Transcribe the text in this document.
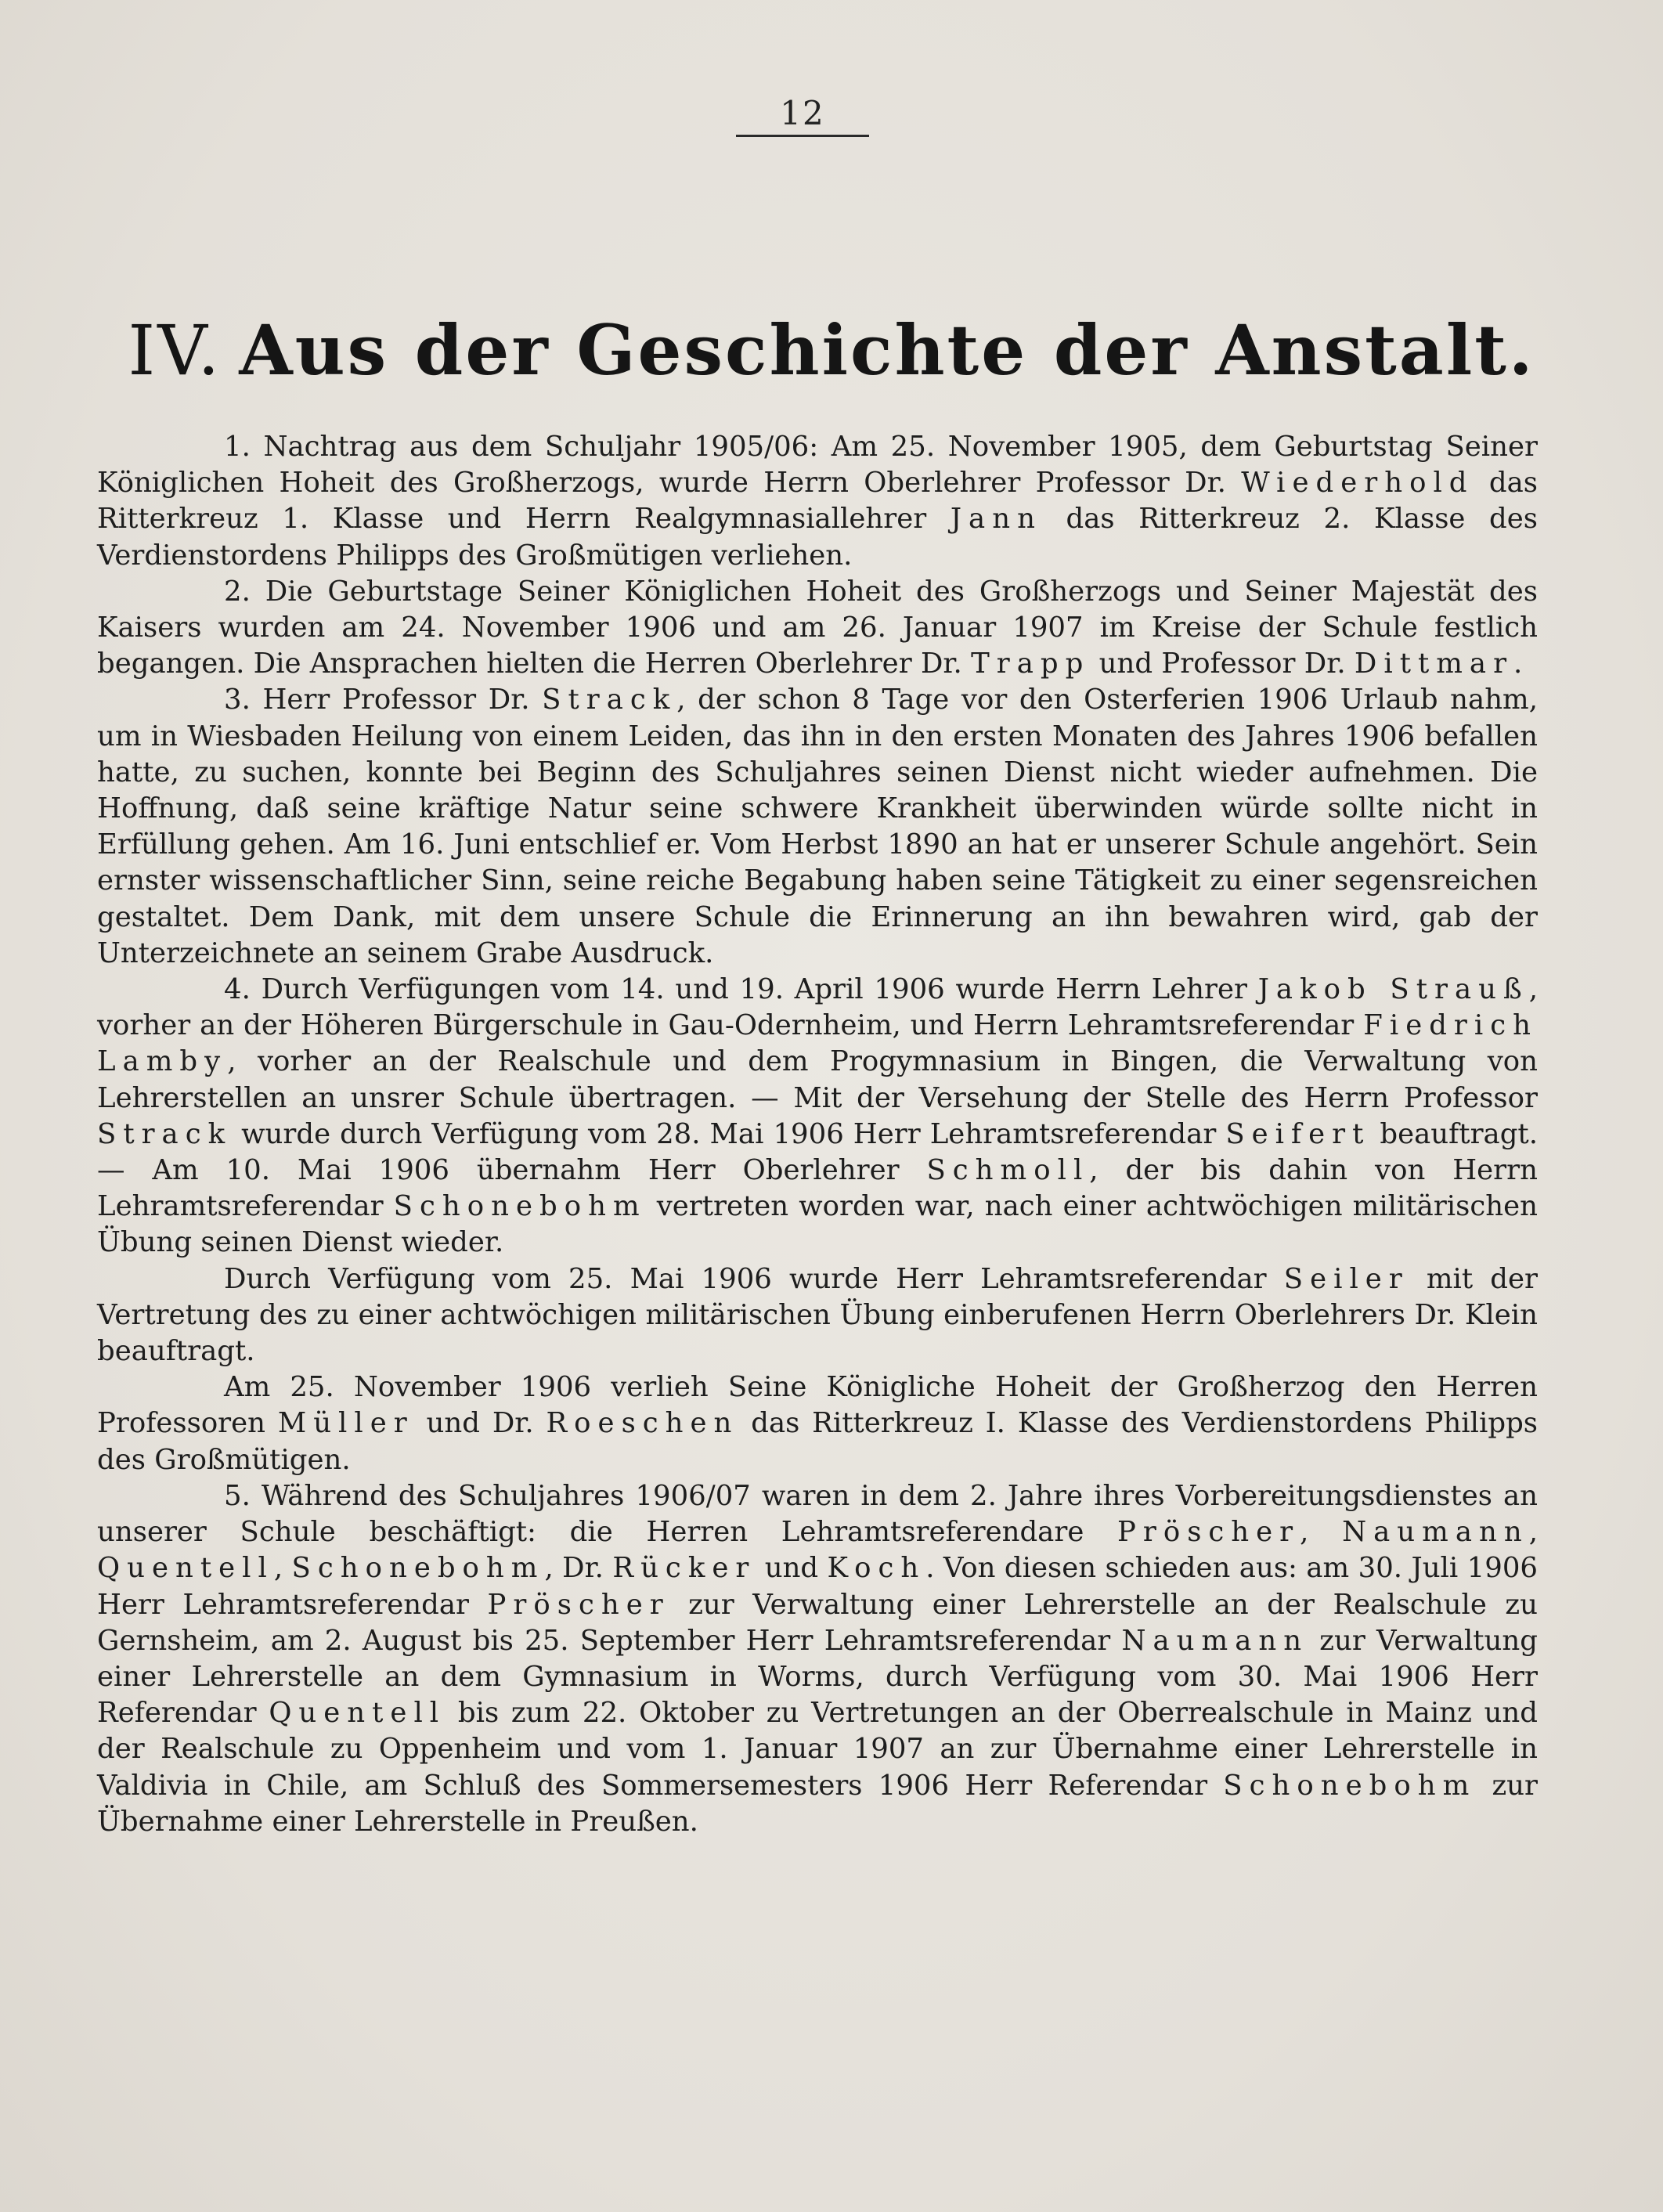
12
IV. Aus der Geschichte der Anstalt.

1. Nachtrag aus dem Schuljahr 1905/06: Am 25. November 1905, dem Geburtstag Seiner Königlichen Hoheit des Großherzogs, wurde Herrn Oberlehrer Professor Dr. Wiederhold das Ritterkreuz 1. Klasse und Herrn Realgymnasiallehrer Jann das Ritterkreuz 2. Klasse des Verdienstordens Philipps des Großmütigen verliehen.

2. Die Geburtstage Seiner Königlichen Hoheit des Großherzogs und Seiner Majestät des Kaisers wurden am 24. November 1906 und am 26. Januar 1907 im Kreise der Schule festlich begangen. Die Ansprachen hielten die Herren Oberlehrer Dr. Trapp und Professor Dr. Dittmar.

3. Herr Professor Dr. Strack, der schon 8 Tage vor den Osterferien 1906 Urlaub nahm, um in Wiesbaden Heilung von einem Leiden, das ihn in den ersten Monaten des Jahres 1906 befallen hatte, zu suchen, konnte bei Beginn des Schuljahres seinen Dienst nicht wieder aufnehmen. Die Hoffnung, daß seine kräftige Natur seine schwere Krankheit überwinden würde sollte nicht in Erfüllung gehen. Am 16. Juni entschlief er. Vom Herbst 1890 an hat er unserer Schule angehört. Sein ernster wissenschaftlicher Sinn, seine reiche Begabung haben seine Tätigkeit zu einer segensreichen gestaltet. Dem Dank, mit dem unsere Schule die Erinnerung an ihn bewahren wird, gab der Unterzeichnete an seinem Grabe Ausdruck.

4. Durch Verfügungen vom 14. und 19. April 1906 wurde Herrn Lehrer Jakob Strauß, vorher an der Höheren Bürgerschule in Gau-Odernheim, und Herrn Lehramtsreferendar Fiedrich Lamby, vorher an der Realschule und dem Progymnasium in Bingen, die Verwaltung von Lehrerstellen an unsrer Schule übertragen. — Mit der Versehung der Stelle des Herrn Professor Strack wurde durch Verfügung vom 28. Mai 1906 Herr Lehramtsreferendar Seifert beauftragt. — Am 10. Mai 1906 übernahm Herr Oberlehrer Schmoll, der bis dahin von Herrn Lehramtsreferendar Schonebohm vertreten worden war, nach einer achtwöchigen militärischen Übung seinen Dienst wieder.

Durch Verfügung vom 25. Mai 1906 wurde Herr Lehramtsreferendar Seiler mit der Vertretung des zu einer achtwöchigen militärischen Übung einberufenen Herrn Oberlehrers Dr. Klein beauftragt.

Am 25. November 1906 verlieh Seine Königliche Hoheit der Großherzog den Herren Professoren Müller und Dr. Roeschen das Ritterkreuz I. Klasse des Verdienstordens Philipps des Großmütigen.

5. Während des Schuljahres 1906/07 waren in dem 2. Jahre ihres Vorbereitungsdienstes an unserer Schule beschäftigt: die Herren Lehramtsreferendare Pröscher, Naumann, Quentell, Schonebohm, Dr. Rücker und Koch. Von diesen schieden aus: am 30. Juli 1906 Herr Lehramtsreferendar Pröscher zur Verwaltung einer Lehrerstelle an der Realschule zu Gernsheim, am 2. August bis 25. September Herr Lehramtsreferendar Naumann zur Verwaltung einer Lehrerstelle an dem Gymnasium in Worms, durch Verfügung vom 30. Mai 1906 Herr Referendar Quentell bis zum 22. Oktober zu Vertretungen an der Oberrealschule in Mainz und der Realschule zu Oppenheim und vom 1. Januar 1907 an zur Übernahme einer Lehrerstelle in Valdivia in Chile, am Schluß des Sommersemesters 1906 Herr Referendar Schonebohm zur Übernahme einer Lehrerstelle in Preußen.
